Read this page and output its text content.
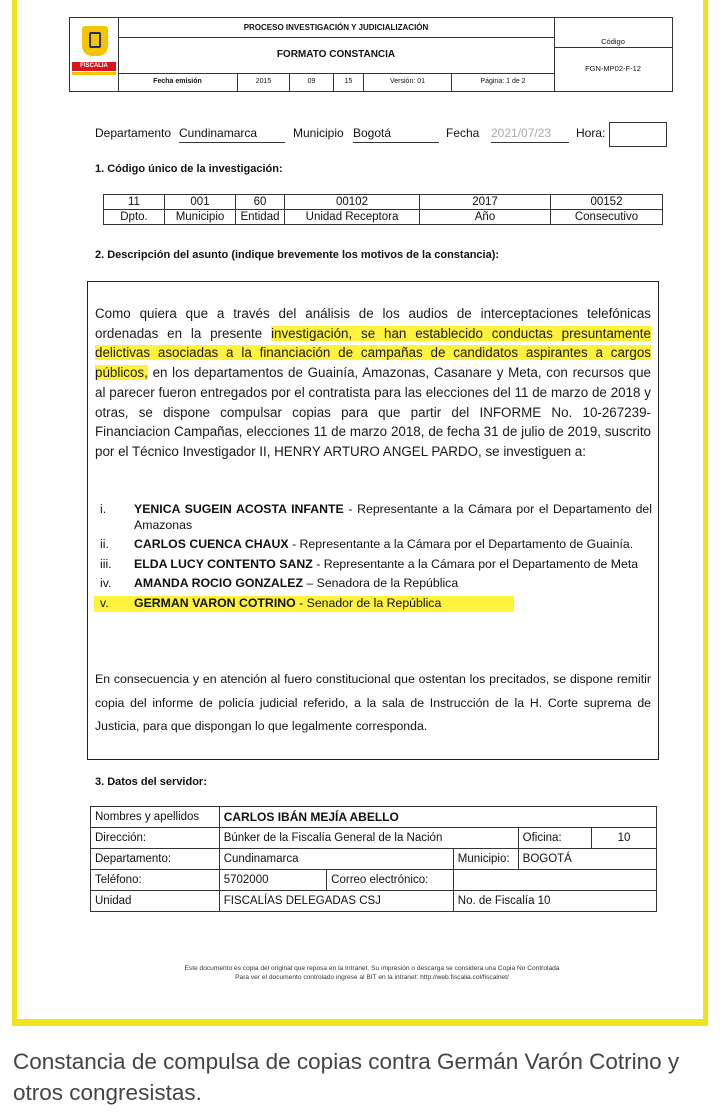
FISCALÍA
PROCESO INVESTIGACIÓN Y JUDICIALIZACIÓN
FORMATO CONSTANCIA
Código
FGN-MP02-F-12
Fecha emisión	2015	09	15	Versión: 01	Página: 1 de 2
Departamento Cundinamarca	Municipio Bogotá	Fecha 2021/07/23	Hora:
1. Código único de la investigación:
11	001	60	00102	2017	00152
Dpto.	Municipio	Entidad	Unidad Receptora	Año	Consecutivo
2. Descripción del asunto (indique brevemente los motivos de la constancia):
Como quiera que a través del análisis de los audios de interceptaciones telefónicas ordenadas en la presente investigación, se han establecido conductas presuntamente delictivas asociadas a la financiación de campañas de candidatos aspirantes a cargos públicos, en los departamentos de Guainía, Amazonas, Casanare y Meta, con recursos que al parecer fueron entregados por el contratista para las elecciones del 11 de marzo de 2018 y otras, se dispone compulsar copias para que partir del INFORME No. 10-267239-Financiacion Campañas, elecciones 11 de marzo 2018, de fecha 31 de julio de 2019, suscrito por el Técnico Investigador II, HENRY ARTURO ANGEL PARDO, se investiguen a:
i. YENICA SUGEIN ACOSTA INFANTE - Representante a la Cámara por el Departamento del Amazonas
ii. CARLOS CUENCA CHAUX - Representante a la Cámara por el Departamento de Guainía.
iii. ELDA LUCY CONTENTO SANZ - Representante a la Cámara por el Departamento de Meta
iv. AMANDA ROCIO GONZALEZ – Senadora de la República
v. GERMAN VARON COTRINO - Senador de la República
En consecuencia y en atención al fuero constitucional que ostentan los precitados, se dispone remitir copia del informe de policía judicial referido, a la sala de Instrucción de la H. Corte suprema de Justicia, para que dispongan lo que legalmente corresponda.
3. Datos del servidor:
Nombres y apellidos	CARLOS IBÁN MEJÍA ABELLO				
Dirección:	Búnker de la Fiscalía General de la Nación			Oficina:	10
Departamento:	Cundinamarca		Municipio:	BOGOTÁ	
Teléfono:	5702000	Correo electrónico:			
Unidad	FISCALÍAS DELEGADAS CSJ		No. de Fiscalía 10		
Este documento es copia del original que reposa en la Intranet. Su impresión o descarga se considera una Copia No Controlada
Para ver el documento controlado ingrese al BIT en la intranet: http://web.fiscalia.col/fiscalnet/
Constancia de compulsa de copias contra Germán Varón Cotrino y otros congresistas.
